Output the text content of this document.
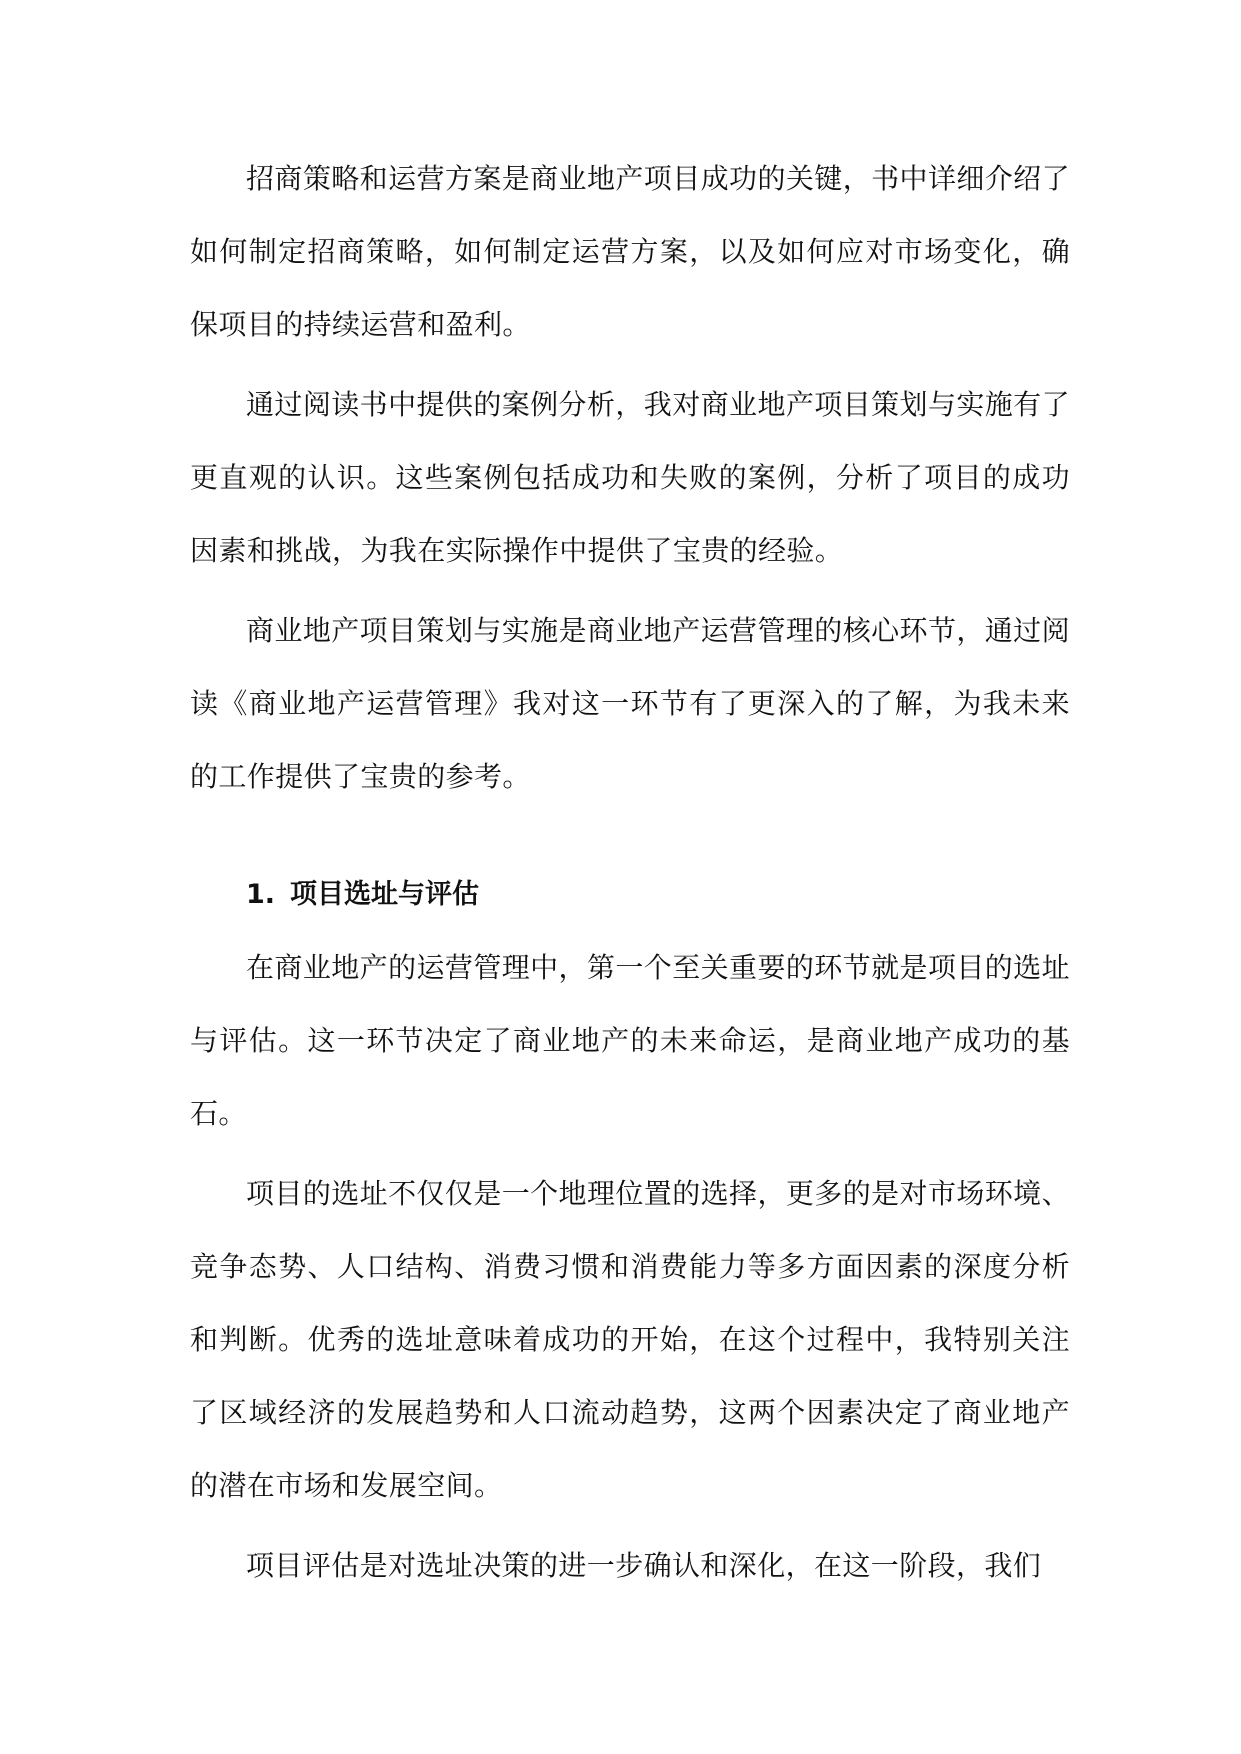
招商策略和运营方案是商业地产项目成功的关键，书中详细介绍了如何制定招商策略，如何制定运营方案，以及如何应对市场变化，确保项目的持续运营和盈利。

通过阅读书中提供的案例分析，我对商业地产项目策划与实施有了更直观的认识。这些案例包括成功和失败的案例，分析了项目的成功因素和挑战，为我在实际操作中提供了宝贵的经验。

商业地产项目策划与实施是商业地产运营管理的核心环节，通过阅读《商业地产运营管理》我对这一环节有了更深入的了解，为我未来的工作提供了宝贵的参考。

1. 项目选址与评估

在商业地产的运营管理中，第一个至关重要的环节就是项目的选址与评估。这一环节决定了商业地产的未来命运，是商业地产成功的基石。

项目的选址不仅仅是一个地理位置的选择，更多的是对市场环境、竞争态势、人口结构、消费习惯和消费能力等多方面因素的深度分析和判断。优秀的选址意味着成功的开始，在这个过程中，我特别关注了区域经济的发展趋势和人口流动趋势，这两个因素决定了商业地产的潜在市场和发展空间。

项目评估是对选址决策的进一步确认和深化，在这一阶段，我们
